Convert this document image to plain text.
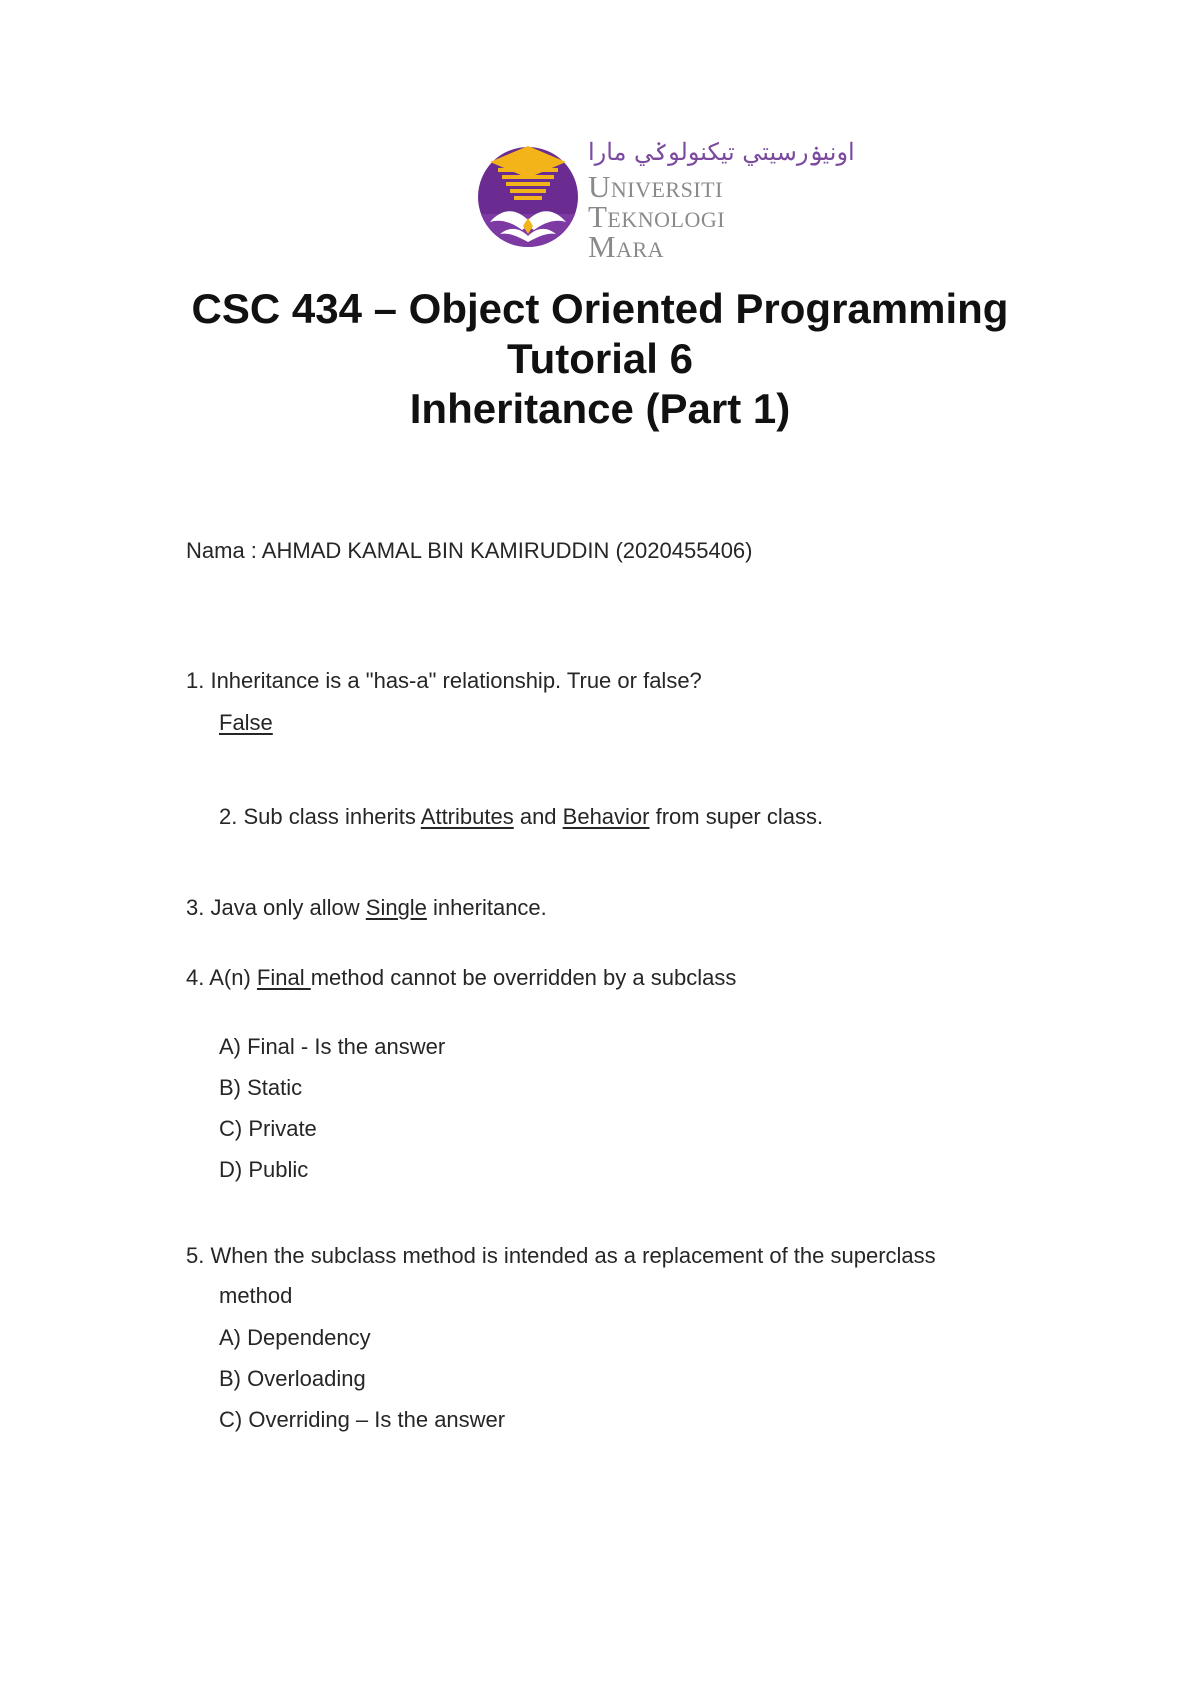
اونيۏرسيتي تيكنولوݢي مارا
Universiti
Teknologi
Mara
CSC 434 – Object Oriented Programming
Tutorial 6
Inheritance (Part 1)
Nama : AHMAD KAMAL BIN KAMIRUDDIN (2020455406)
1. Inheritance is a "has-a" relationship. True or false?
False
2. Sub class inherits Attributes and Behavior from super class.
3. Java only allow Single inheritance.
4. A(n) Final method cannot be overridden by a subclass
A) Final - Is the answer
B) Static
C) Private
D) Public
5. When the subclass method is intended as a replacement of the superclass
method
A) Dependency
B) Overloading
C) Overriding – Is the answer
